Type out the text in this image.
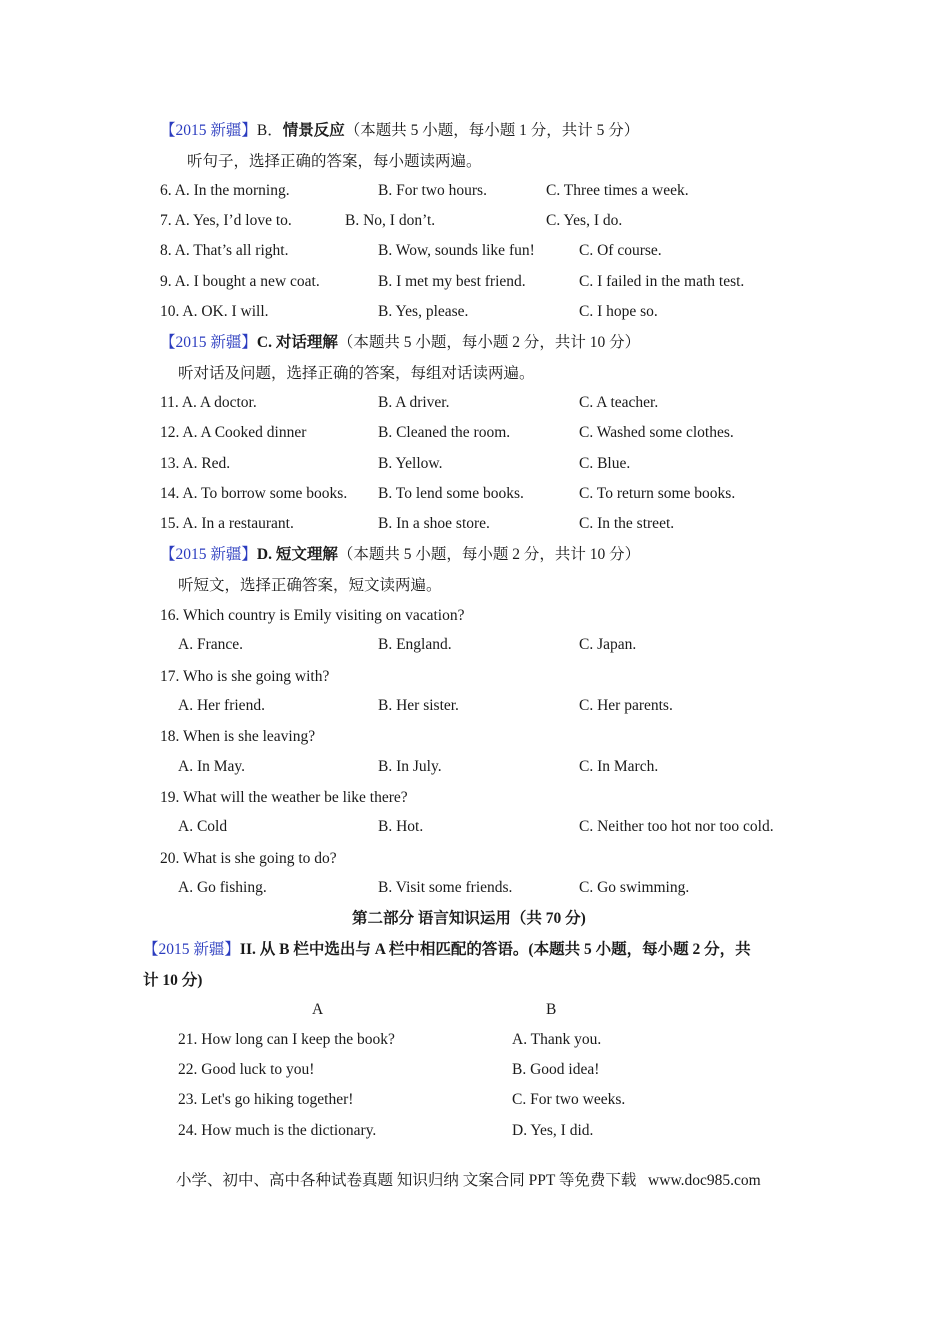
【2015 新疆】B．情景反应（本题共 5 小题，每小题 1 分，共计 5 分）
听句子，选择正确的答案，每小题读两遍。
6. A. In the morning.	B. For two hours.	C. Three times a week.
7. A. Yes, I’d love to.	B. No, I don’t.	C. Yes, I do.
8. A. That’s all right.	B. Wow, sounds like fun!	C. Of course.
9. A. I bought a new coat.	B. I met my best friend.	C. I failed in the math test.
10. A. OK. I will.	B. Yes, please.	C. I hope so.
【2015 新疆】C. 对话理解（本题共 5 小题，每小题 2 分，共计 10 分）
听对话及问题，选择正确的答案，每组对话读两遍。
11. A. A doctor.	B. A driver.	C. A teacher.
12. A. A Cooked dinner	B. Cleaned the room.	C. Washed some clothes.
13. A. Red.	B. Yellow.	C. Blue.
14. A. To borrow some books. B. To lend some books.	C. To return some books.
15. A. In a restaurant.	B. In a shoe store.	C. In the street.
【2015 新疆】D. 短文理解（本题共 5 小题，每小题 2 分，共计 10 分）
听短文，选择正确答案，短文读两遍。
16. Which country is Emily visiting on vacation?
A. France.	B. England.	C. Japan.
17. Who is she going with?
A. Her friend.	B. Her sister.	C. Her parents.
18. When is she leaving?
A. In May.	B. In July.	C. In March.
19. What will the weather be like there?
A. Cold	B. Hot.	C. Neither too hot nor too cold.
20. What is she going to do?
A. Go fishing.	B. Visit some friends.	C. Go swimming.
第二部分 语言知识运用（共 70 分)
【2015 新疆】II. 从 B 栏中选出与 A 栏中相匹配的答语。(本题共 5 小题，每小题 2 分，共
计 10 分)
A	B
21. How long can I keep the book?	A. Thank you.
22. Good luck to you!	B. Good idea!
23. Let's go hiking together!	C. For two weeks.
24. How much is the dictionary.	D. Yes, I did.
小学、初中、高中各种试卷真题 知识归纳 文案合同 PPT 等免费下载   www.doc985.com
